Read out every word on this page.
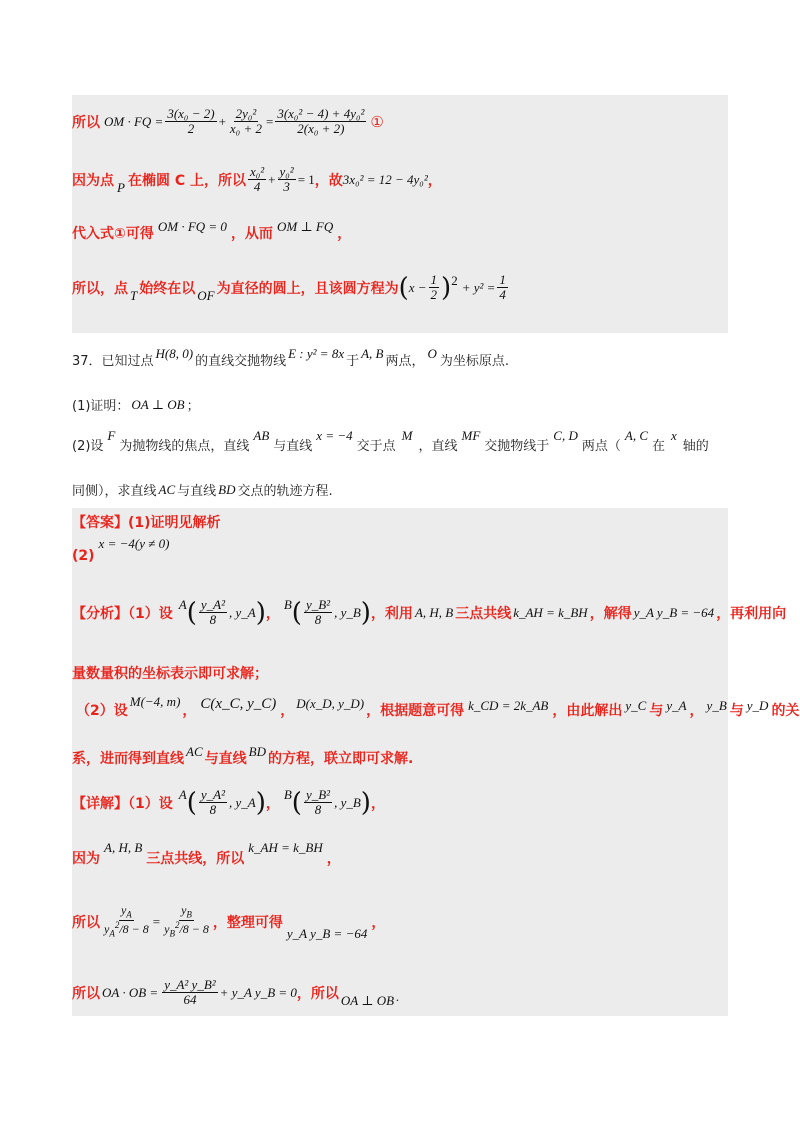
所以 OM · FQ = $\frac{\text{3(x₀ − 2)}}{2} + \frac{\text{2y₀²}}{\text{x₀ + 2}} = \frac{\text{3(x₀² − 4) + 4y₀²}}{\text{2(x₀ + 2)}}$ ①
因为点 P 在椭圆 C 上，所以 $\frac{\text{x₀²}}{4} + \frac{\text{y₀²}}{3} = 1$ ，故 3x₀² = 12 − 4y₀² ，
代入式①可得 OM · FQ = 0 ，从而 OM ⊥ FQ ，
所以，点 T 始终在以 OF 为直径的圆上，且该圆方程为 ( $x - \frac{1}{2} )^2 + y^2 = \frac{1}{4}$
37．已知过点
H(8, 0)
的直线交抛物线
E : y² = 8x
于
A, B
两点，
O
为坐标原点.
(1)证明： OA ⊥ OB ；
(2)设
F
为抛物线的焦点，直线
AB
与直线
x = −4
交于点
M
，直线
MF
交抛物线于
C, D
两点（
A, C
在
x
轴的
同侧），求直线 AC 与直线 BD 交点的轨迹方程.
【答案】(1)证明见解析
(2)
x = −4(y ≠ 0)
【分析】（1）设
A ( $\frac{\text{y\_A²}}{8}$ , y_A ) ，
B ( $\frac{\text{y\_B²}}{8}$ , y_B ) ，利用 A, H, B 三点共线 k_AH = k_BH ，解得 y_A y_B = −64 ，再利用向
量数量积的坐标表示即可求解；
（2）设
M(−4, m)
， C(x_C, y_C) ， D(x_D, y_D) ，根据题意可得 k_CD = 2k_AB ，由此解出 y_C 与 y_A ， y_B 与 y_D 的关
系，进而得到直线 AC 与直线 BD 的方程，联立即可求解.
【详解】（1）设
A ( $\frac{\text{y\_A²}}{8}$ , y_A ) ，
B ( $\frac{\text{y\_B²}}{8}$ , y_B ) ，
因为
A, H, B
三点共线，所以
k_AH = k_BH
，
所以 $\frac{y_A}{y_A^2/8 - 8} = \frac{y_B}{y_B^2/8 - 8}$ ，整理可得
y_A y_B = −64
，
所以 OA · OB = $\frac{\text{y\_A² y\_B²}}{64}$ + y_A y_B = 0 ，所以 OA ⊥ OB .
